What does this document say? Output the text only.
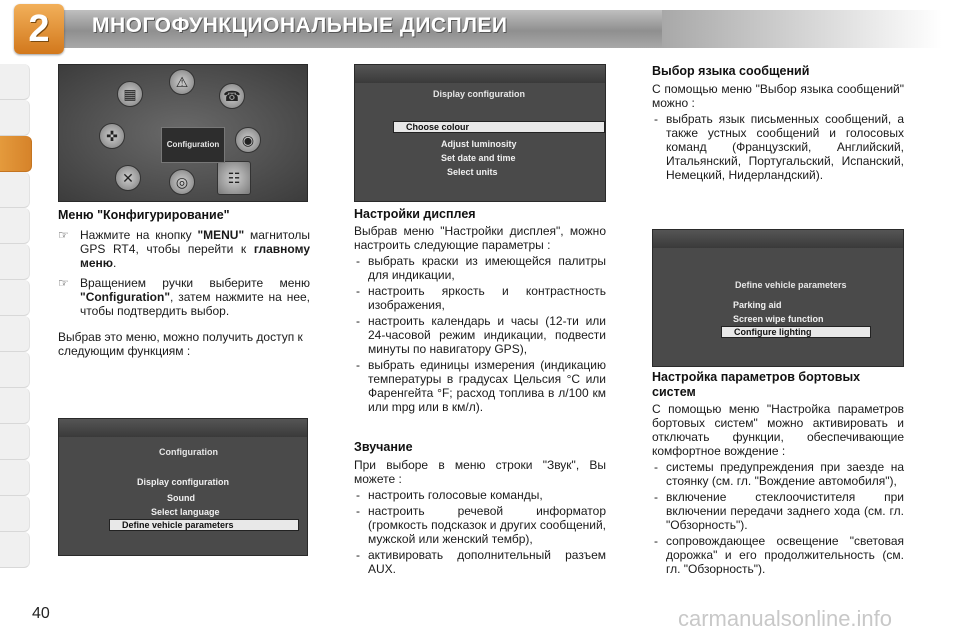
2	МНОГОФУНКЦИОНАЛЬНЫЕ ДИСПЛЕИ
▦
⚠
☎
✜	◉
✕	◎	☷
Configuration
Display configuration
Choose colour
Adjust luminosity
Set date and time
Select units
Define vehicle parameters
Parking aid
Screen wipe function
Configure lighting
Configuration
Display configuration
Sound
Select language
Define vehicle parameters
Меню "Конфигурирование"
☞ Нажмите на кнопку "MENU" магнитолы GPS RT4, чтобы перейти к главному меню.
☞ Вращением ручки выберите меню "Configuration", затем нажмите на нее, чтобы подтвердить выбор.
Выбрав это меню, можно получить доступ к следующим функциям :
Настройки дисплея
Выбрав меню "Настройки дисплея", можно настроить следующие параметры :
- выбрать краски из имеющейся палитры для индикации,
- настроить яркость и контрастность изображения,
- настроить календарь и часы (12-ти или 24-часовой режим индикации, подвести минуты по навигатору GPS),
- выбрать единицы измерения (индикацию температуры в градусах Цельсия °С или Фаренгейта °F; расход топлива в л/100 км или mpg или в км/л).
Звучание
При выборе в меню строки "Звук", Вы можете :
- настроить голосовые команды,
- настроить речевой информатор (громкость подсказок и других сообщений, мужской или женский тембр),
- активировать дополнительный разъем AUX.
Выбор языка сообщений
С помощью меню "Выбор языка сообщений" можно :
- выбрать язык письменных сообщений, а также устных сообщений и голосовых команд (Французский, Английский, Итальянский, Португальский, Испанский, Немецкий, Нидерландский).
Настройка параметров бортовых систем
С помощью меню "Настройка параметров бортовых систем" можно активировать и отключать функции, обеспечивающие комфортное вождение :
- системы предупреждения при заезде на стоянку (см. гл. "Вождение автомобиля"),
- включение стеклоочистителя при включении передачи заднего хода (см. гл. "Обзорность").
- сопровождающее освещение "световая дорожка" и его продолжительность (см. гл. "Обзорность").
40	carmanualsonline.info
